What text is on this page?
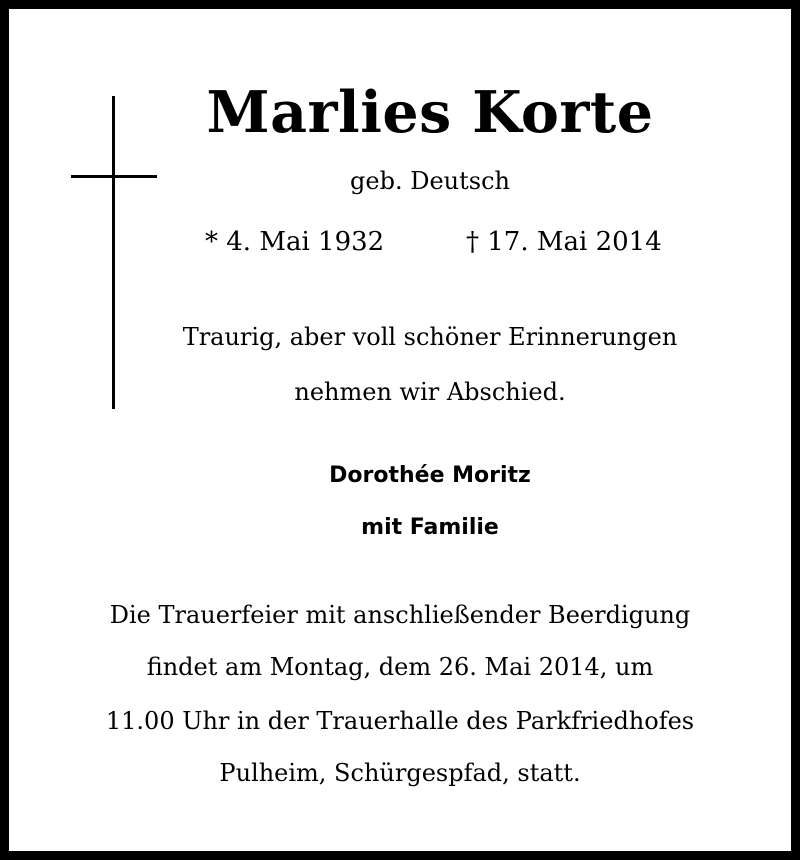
Marlies Korte
geb. Deutsch
* 4. Mai 1932	† 17. Mai 2014
Traurig, aber voll schöner Erinnerungen
nehmen wir Abschied.
Dorothée Moritz
mit Familie
Die Trauerfeier mit anschließender Beerdigung
findet am Montag, dem 26. Mai 2014, um
11.00 Uhr in der Trauerhalle des Parkfriedhofes
Pulheim, Schürgespfad, statt.
